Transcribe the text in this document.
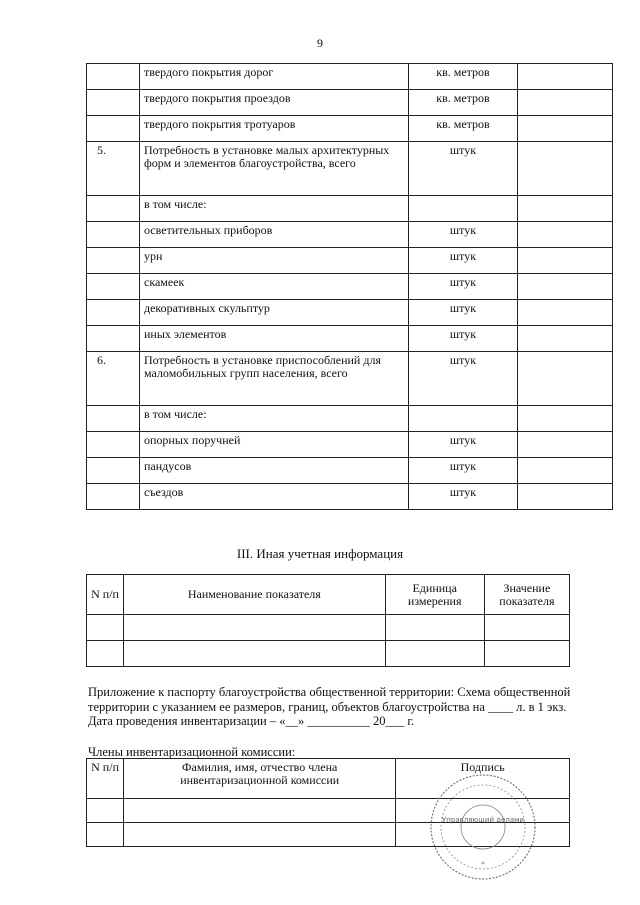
9
	твердого покрытия дорог	кв. метров	
	твердого покрытия проездов	кв. метров	
	твердого покрытия тротуаров	кв. метров	
5.	Потребность в установке малых архитектурных форм и элементов благоустройства, всего	штук	
	в том числе:		
	осветительных приборов	штук	
	урн	штук	
	скамеек	штук	
	декоративных скульптур	штук	
	иных элементов	штук	
6.	Потребность в установке приспособлений для маломобильных групп населения, всего	штук	
	в том числе:		
	опорных поручней	штук	
	пандусов	штук	
	съездов	штук	
III. Иная учетная информация
N п/п	Наименование показателя	Единица измерения	Значение показателя

Приложение к паспорту благоустройства общественной территории: Схема общественной территории с указанием ее размеров, границ, объектов благоустройства на ____ л. в 1 экз.
Дата проведения инвентаризации – «__» __________ 20___ г.
Члены инвентаризационной комиссии:
N п/п	Фамилия, имя, отчество члена инвентаризационной комиссии	Подпись

Управляющий делами
*
